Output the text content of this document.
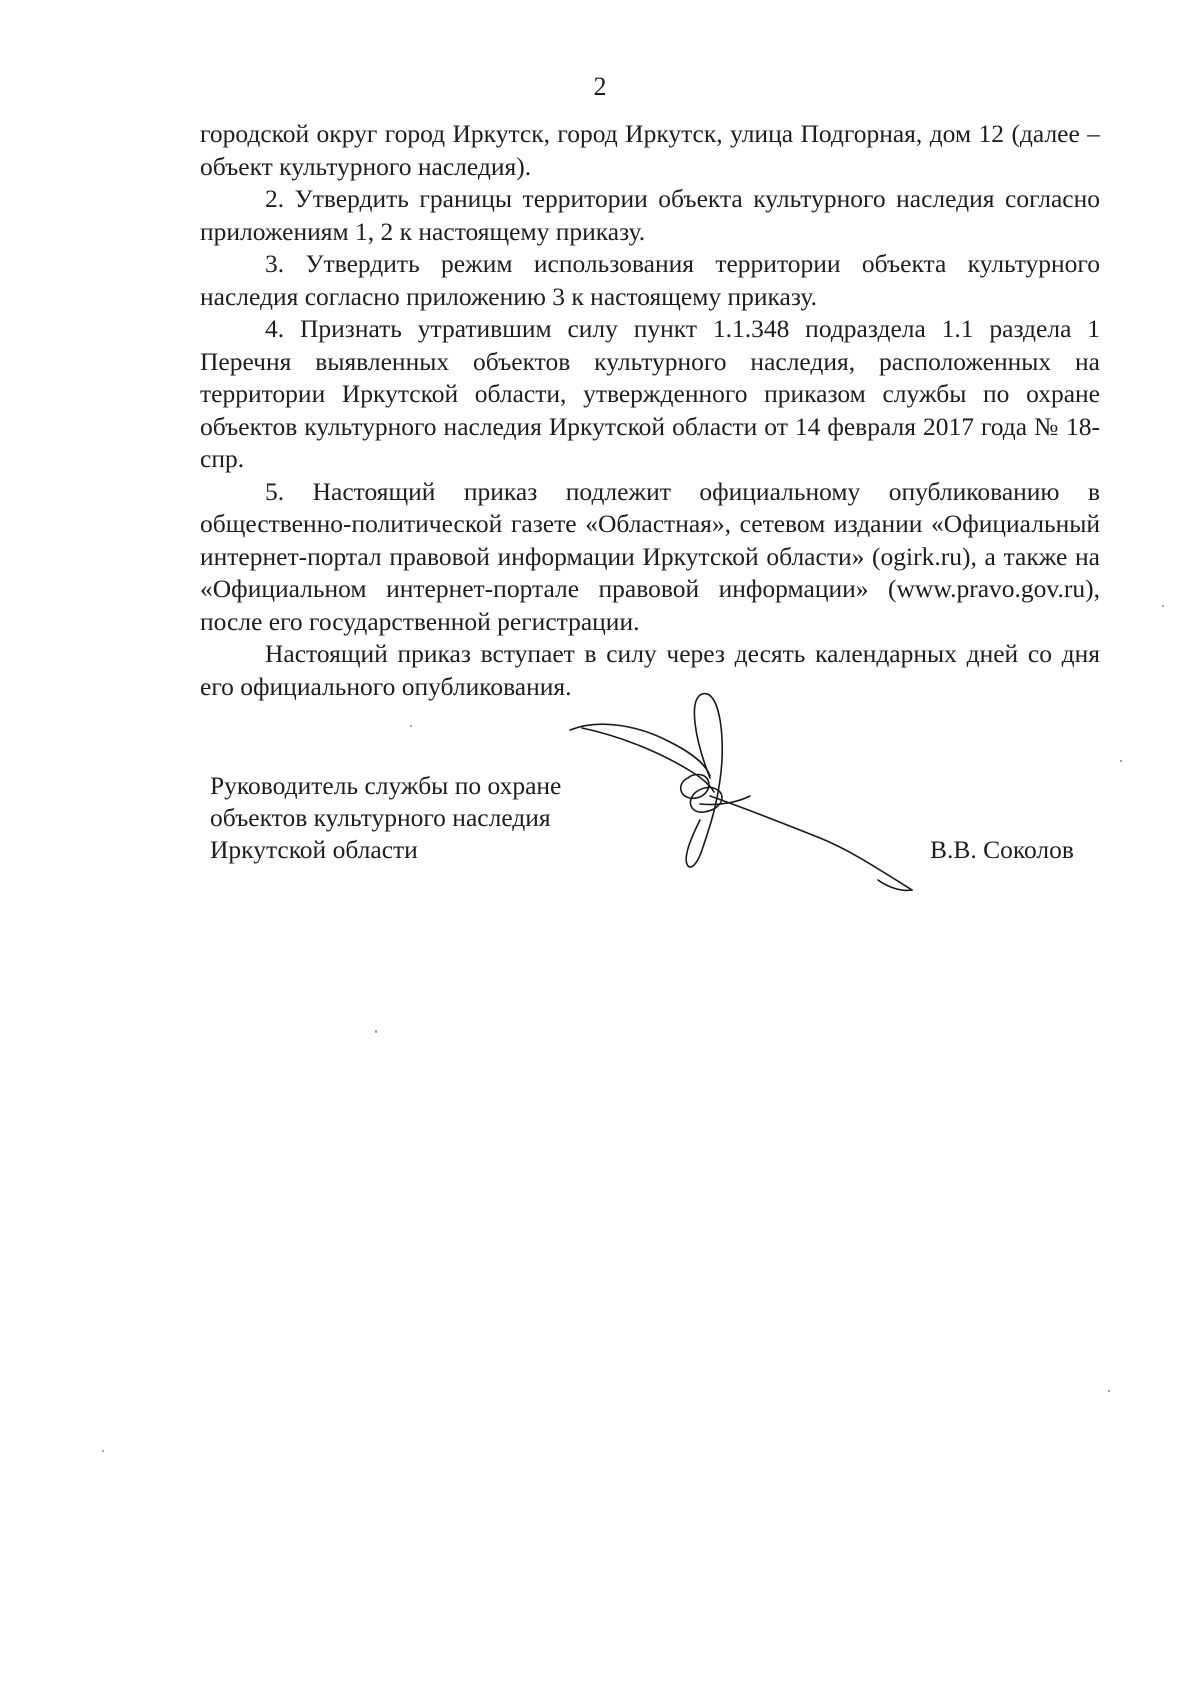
2

городской округ город Иркутск, город Иркутск, улица Подгорная, дом 12 (далее – объект культурного наследия).

2. Утвердить границы территории объекта культурного наследия согласно приложениям 1, 2 к настоящему приказу.

3. Утвердить режим использования территории объекта культурного наследия согласно приложению 3 к настоящему приказу.

4. Признать утратившим силу пункт 1.1.348 подраздела 1.1 раздела 1 Перечня выявленных объектов культурного наследия, расположенных на территории Иркутской области, утвержденного приказом службы по охране объектов культурного наследия Иркутской области от 14 февраля 2017 года № 18-спр.

5. Настоящий приказ подлежит официальному опубликованию в общественно-политической газете «Областная», сетевом издании «Официальный интернет-портал правовой информации Иркутской области» (ogirk.ru), а также на «Официальном интернет-портале правовой информации» (www.pravo.gov.ru), после его государственной регистрации.

Настоящий приказ вступает в силу через десять календарных дней со дня его официального опубликования.

Руководитель службы по охране
объектов культурного наследия
Иркутской области	В.В. Соколов
